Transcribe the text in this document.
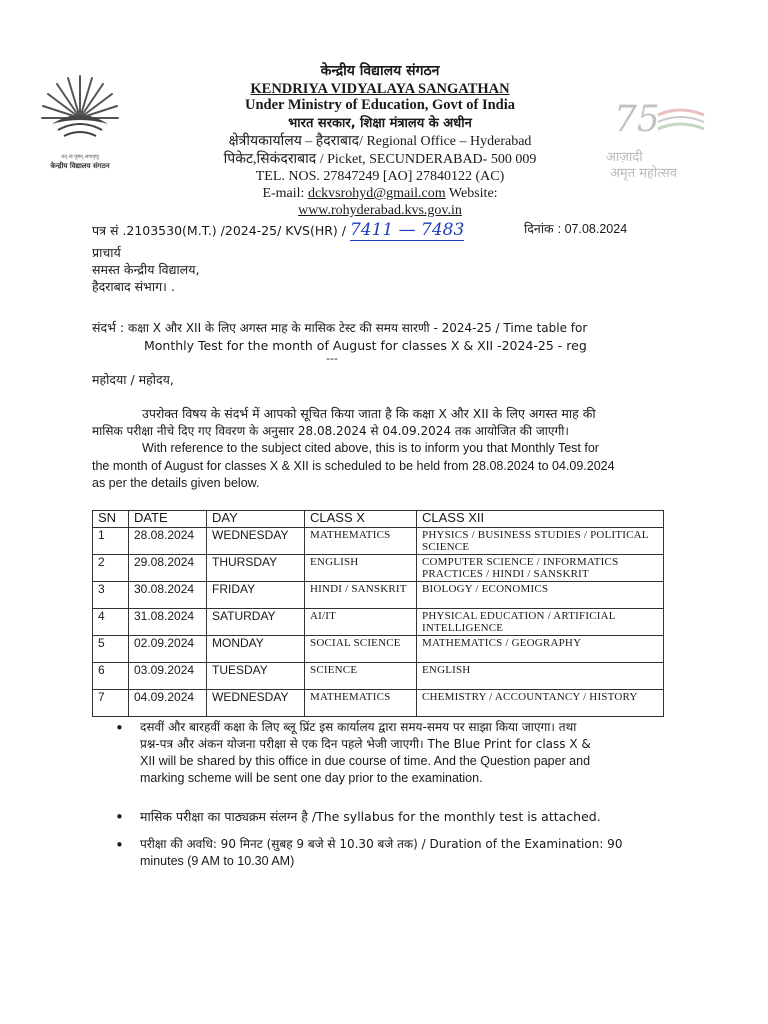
तत् त्वं पूषन् अपावृणु
केन्द्रीय विद्यालय संगठन
75
आज़ादी
अमृत महोत्सव
केन्द्रीय विद्यालय संगठन
KENDRIYA VIDYALAYA SANGATHAN
Under Ministry of Education, Govt of India
भारत सरकार, शिक्षा मंत्रालय के अधीन
क्षेत्रीयकार्यालय – हैदराबाद/ Regional Office – Hyderabad
पिकेट,सिकंदराबाद / Picket, SECUNDERABAD- 500 009
TEL. NOS. 27847249 [AO] 27840122 (AC)
E-mail: dckvsrohyd@gmail.com Website:
www.rohyderabad.kvs.gov.in
पत्र सं .2103530(M.T.) /2024-25/ KVS(HR) / 7411 — 7483	दिनांक : 07.08.2024
प्राचार्य
समस्त केन्द्रीय विद्यालय,
हैदराबाद संभाग। .
संदर्भ : कक्षा X और XII के लिए अगस्त माह के मासिक टेस्ट की समय सारणी - 2024-25 / Time table for
Monthly Test for the month of August for classes X & XII -2024-25 - reg
---
महोदया / महोदय,
उपरोक्त विषय के संदर्भ में आपको सूचित किया जाता है कि कक्षा X और XII के लिए अगस्त माह की
मासिक परीक्षा नीचे दिए गए विवरण के अनुसार 28.08.2024 से 04.09.2024 तक आयोजित की जाएगी।
With reference to the subject cited above, this is to inform you that Monthly Test for
the month of August for classes X & XII is scheduled to be held from 28.08.2024 to 04.09.2024
as per the details given below.
SN	DATE	DAY	CLASS X	CLASS XII
1	28.08.2024	WEDNESDAY	MATHEMATICS	PHYSICS / BUSINESS STUDIES / POLITICAL SCIENCE
2	29.08.2024	THURSDAY	ENGLISH	COMPUTER SCIENCE / INFORMATICS PRACTICES / HINDI / SANSKRIT
3	30.08.2024	FRIDAY	HINDI / SANSKRIT	BIOLOGY / ECONOMICS
4	31.08.2024	SATURDAY	AI/IT	PHYSICAL EDUCATION / ARTIFICIAL INTELLIGENCE
5	02.09.2024	MONDAY	SOCIAL SCIENCE	MATHEMATICS / GEOGRAPHY
6	03.09.2024	TUESDAY	SCIENCE	ENGLISH
7	04.09.2024	WEDNESDAY	MATHEMATICS	CHEMISTRY / ACCOUNTANCY / HISTORY
• दसवीं और बारहवीं कक्षा के लिए ब्लू प्रिंट इस कार्यालय द्वारा समय-समय पर साझा किया जाएगा। तथा
प्रश्न-पत्र और अंकन योजना परीक्षा से एक दिन पहले भेजी जाएगी। The Blue Print for class X &
XII will be shared by this office in due course of time. And the Question paper and
marking scheme will be sent one day prior to the examination.
• मासिक परीक्षा का पाठ्यक्रम संलग्न है /The syllabus for the monthly test is attached.
• परीक्षा की अवधि: 90 मिनट (सुबह 9 बजे से 10.30 बजे तक) / Duration of the Examination: 90
minutes (9 AM to 10.30 AM)
